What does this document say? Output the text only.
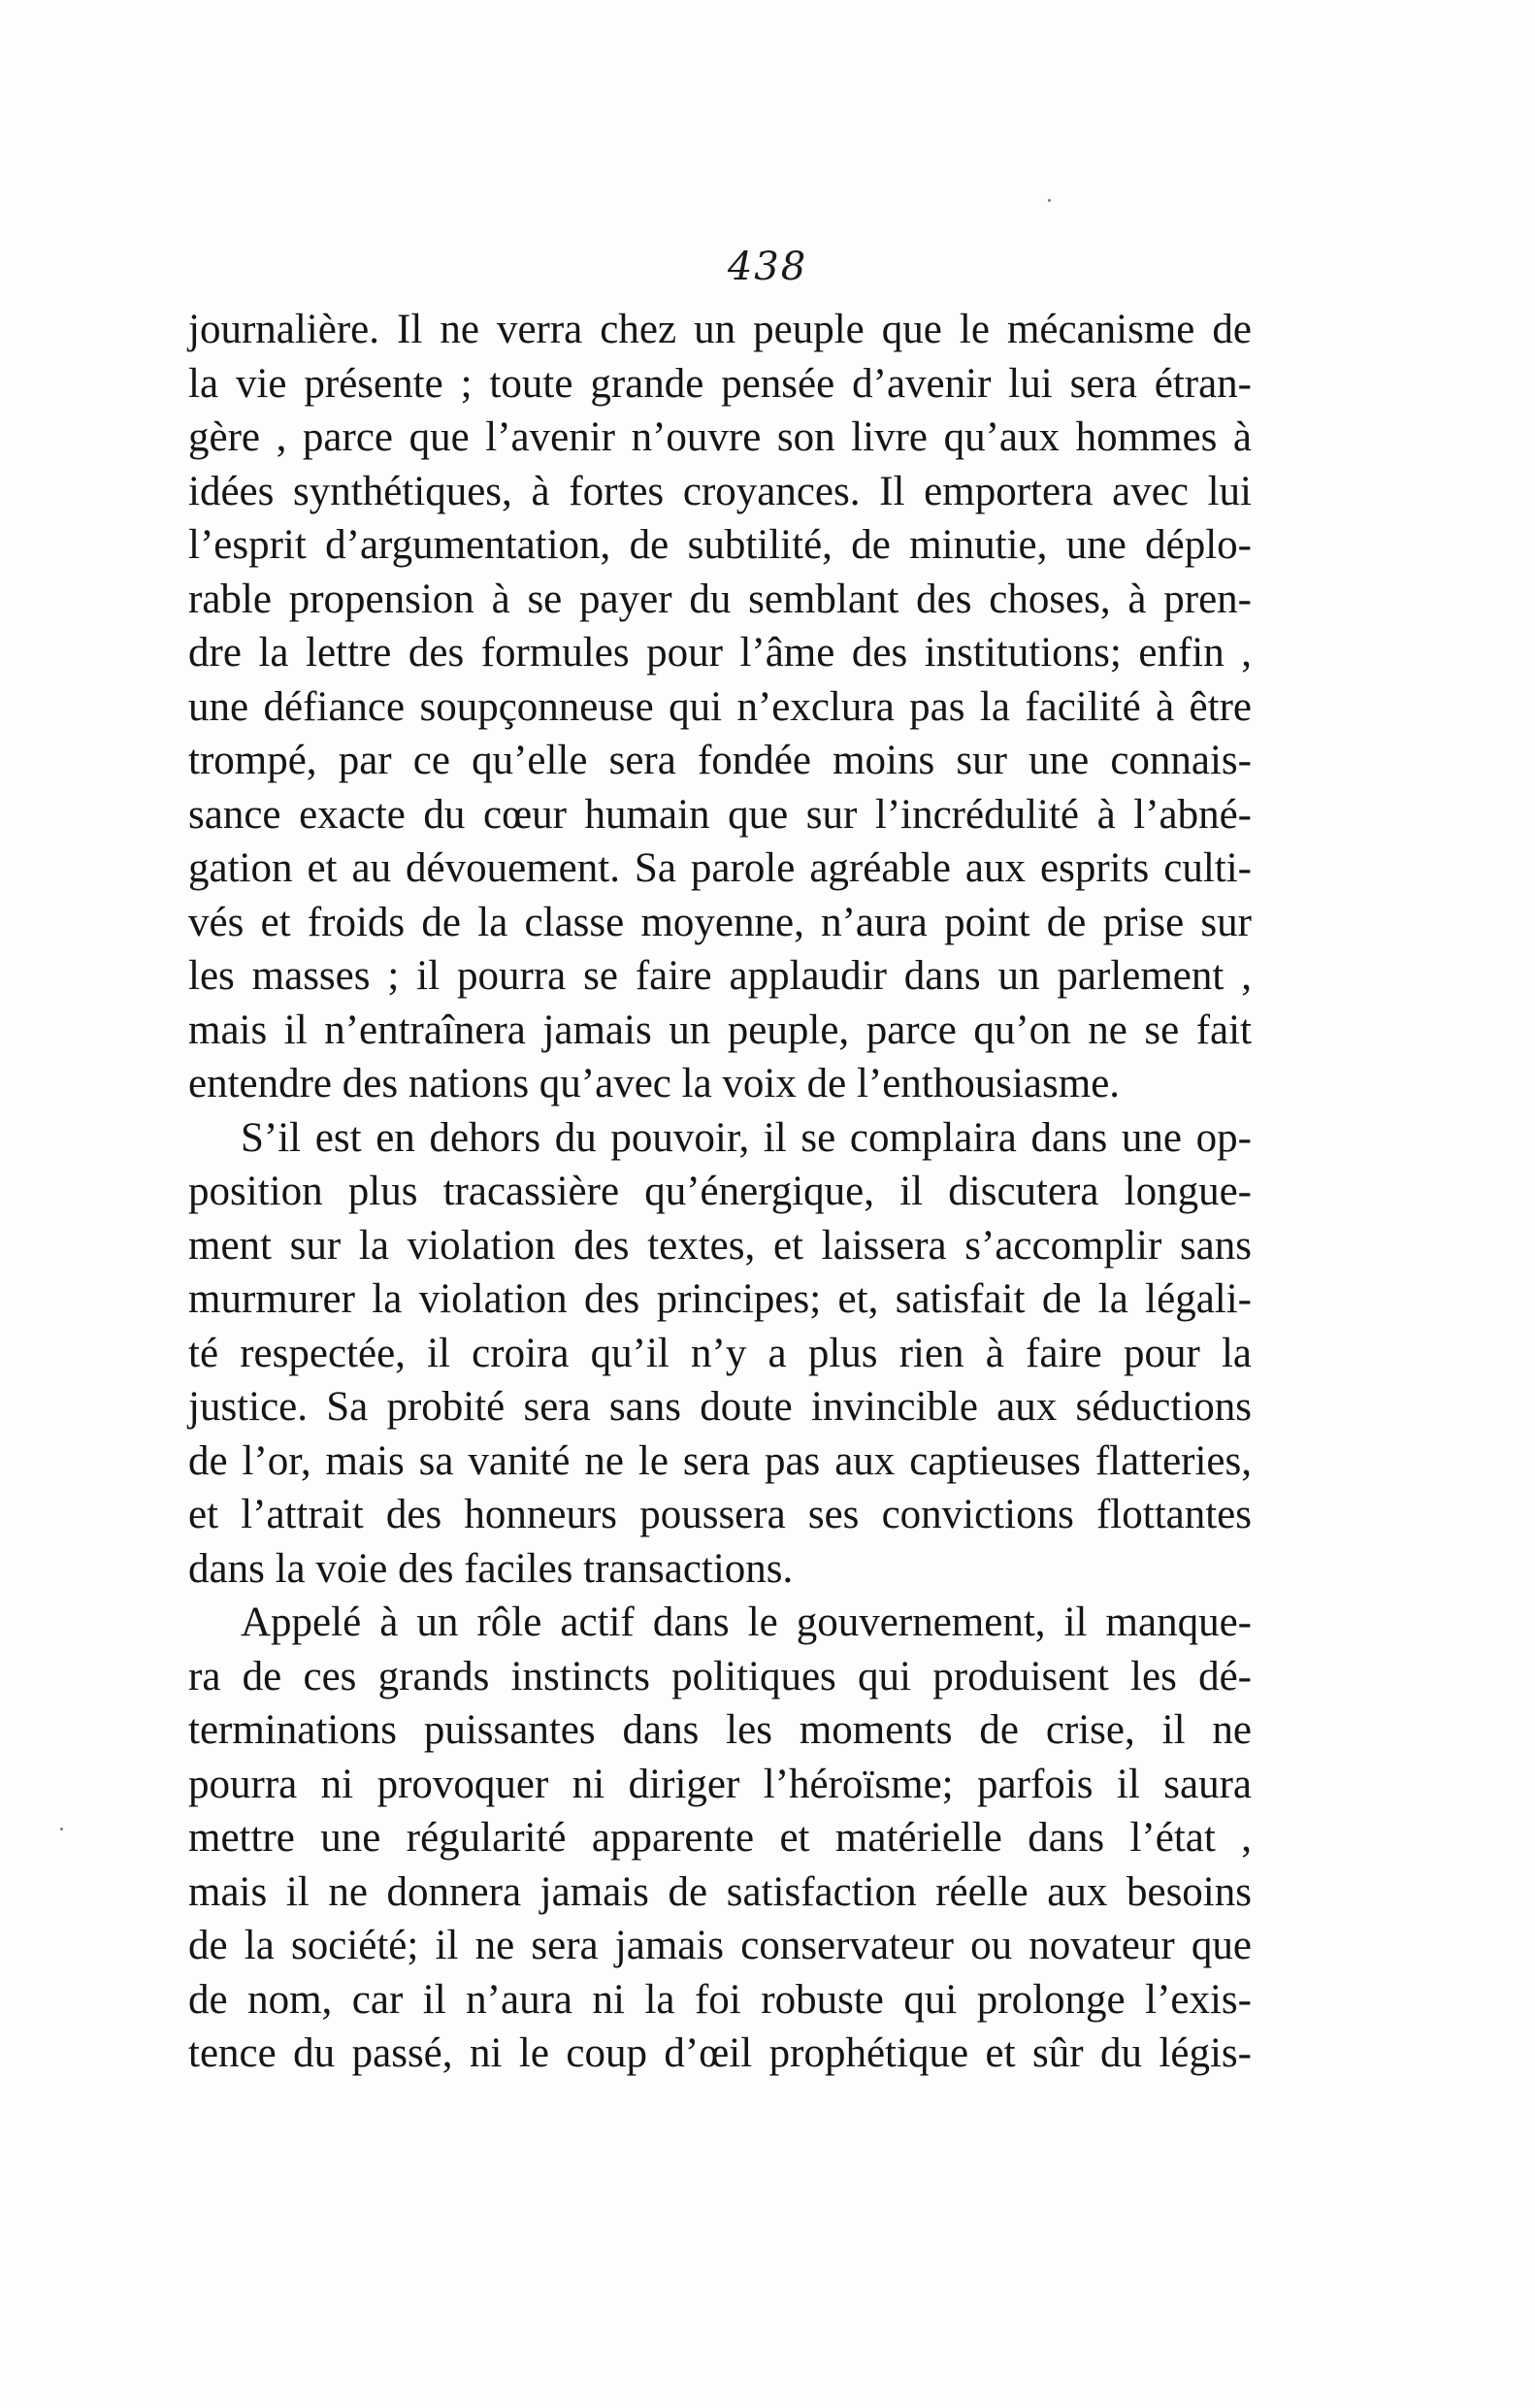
438
journalière. Il ne verra chez un peuple que le mécanisme de
la vie présente ; toute grande pensée d’avenir lui sera étran-
gère , parce que l’avenir n’ouvre son livre qu’aux hommes à
idées synthétiques, à fortes croyances. Il emportera avec lui
l’esprit d’argumentation, de subtilité, de minutie, une déplo-
rable propension à se payer du semblant des choses, à pren-
dre la lettre des formules pour l’âme des institutions; enfin ,
une défiance soupçonneuse qui n’exclura pas la facilité à être
trompé, par ce qu’elle sera fondée moins sur une connais-
sance exacte du cœur humain que sur l’incrédulité à l’abné-
gation et au dévouement. Sa parole agréable aux esprits culti-
vés et froids de la classe moyenne, n’aura point de prise sur
les masses ; il pourra se faire applaudir dans un parlement ,
mais il n’entraînera jamais un peuple, parce qu’on ne se fait
entendre des nations qu’avec la voix de l’enthousiasme.
S’il est en dehors du pouvoir, il se complaira dans une op-
position plus tracassière qu’énergique, il discutera longue-
ment sur la violation des textes, et laissera s’accomplir sans
murmurer la violation des principes; et, satisfait de la légali-
té respectée, il croira qu’il n’y a plus rien à faire pour la
justice. Sa probité sera sans doute invincible aux séductions
de l’or, mais sa vanité ne le sera pas aux captieuses flatteries,
et l’attrait des honneurs poussera ses convictions flottantes
dans la voie des faciles transactions.
Appelé à un rôle actif dans le gouvernement, il manque-
ra de ces grands instincts politiques qui produisent les dé-
terminations puissantes dans les moments de crise, il ne
pourra ni provoquer ni diriger l’héroïsme; parfois il saura
mettre une régularité apparente et matérielle dans l’état ,
mais il ne donnera jamais de satisfaction réelle aux besoins
de la société; il ne sera jamais conservateur ou novateur que
de nom, car il n’aura ni la foi robuste qui prolonge l’exis-
tence du passé, ni le coup d’œil prophétique et sûr du légis-
